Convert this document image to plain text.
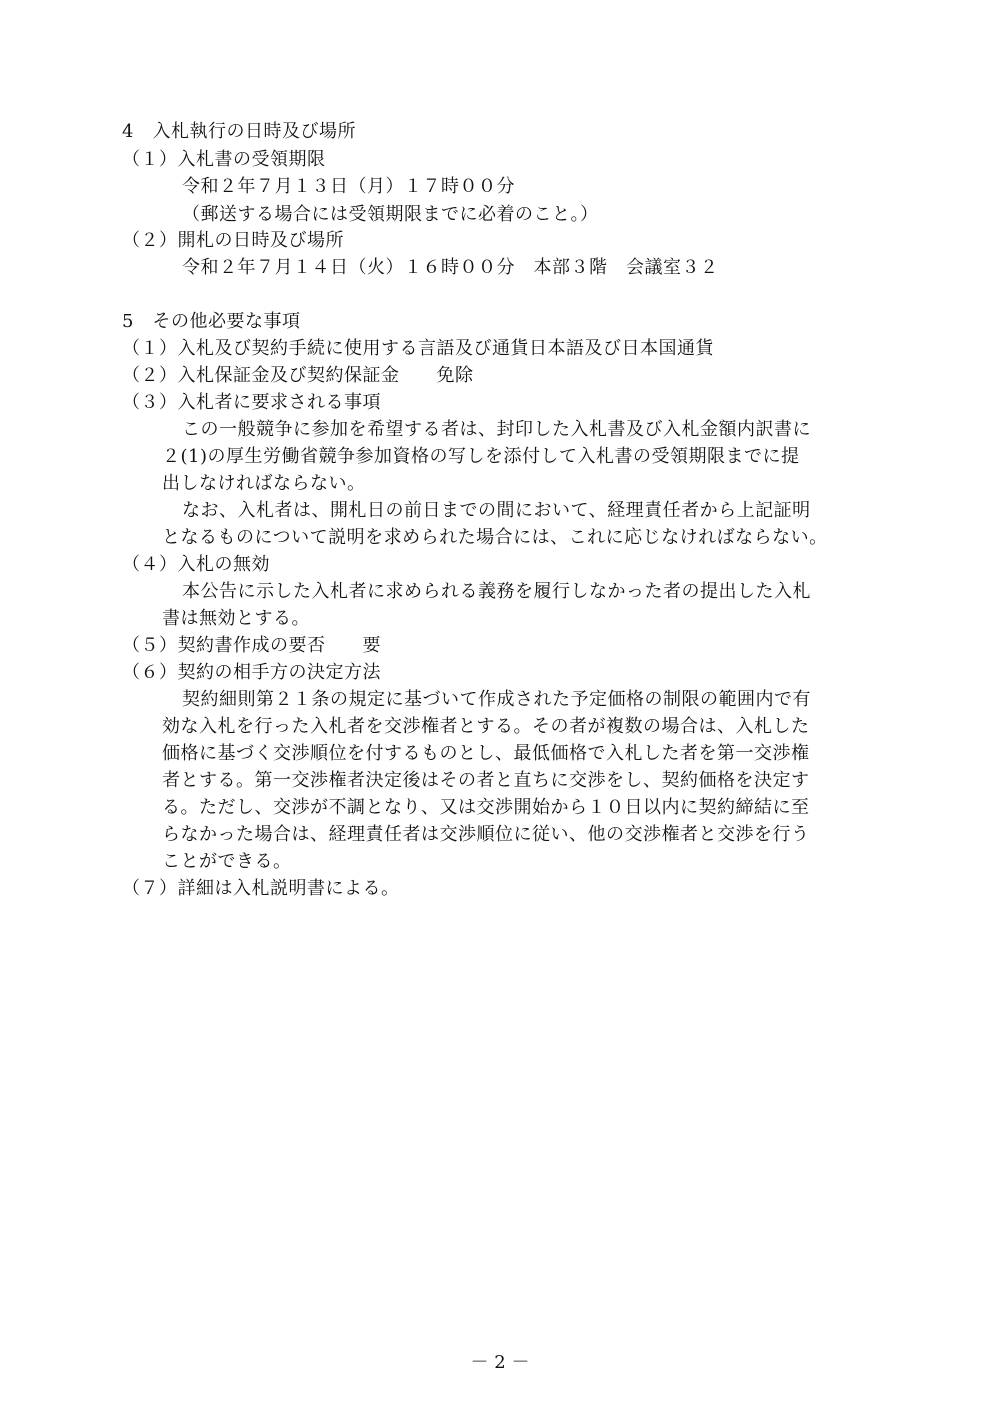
4　入札執行の日時及び場所
（１）入札書の受領期限
令和２年７月１３日（月）１７時００分
（郵送する場合には受領期限までに必着のこと。）
（２）開札の日時及び場所
令和２年７月１４日（火）１６時００分　本部３階　会議室３２
5　その他必要な事項
（１）入札及び契約手続に使用する言語及び通貨日本語及び日本国通貨
（２）入札保証金及び契約保証金　　免除
（３）入札者に要求される事項
この一般競争に参加を希望する者は、封印した入札書及び入札金額内訳書に
２(1)の厚生労働省競争参加資格の写しを添付して入札書の受領期限までに提
出しなければならない。
なお、入札者は、開札日の前日までの間において、経理責任者から上記証明
となるものについて説明を求められた場合には、これに応じなければならない。
（４）入札の無効
本公告に示した入札者に求められる義務を履行しなかった者の提出した入札
書は無効とする。
（５）契約書作成の要否　　要
（６）契約の相手方の決定方法
契約細則第２１条の規定に基づいて作成された予定価格の制限の範囲内で有
効な入札を行った入札者を交渉権者とする。その者が複数の場合は、入札した
価格に基づく交渉順位を付するものとし、最低価格で入札した者を第一交渉権
者とする。第一交渉権者決定後はその者と直ちに交渉をし、契約価格を決定す
る。ただし、交渉が不調となり、又は交渉開始から１０日以内に契約締結に至
らなかった場合は、経理責任者は交渉順位に従い、他の交渉権者と交渉を行う
ことができる。
（７）詳細は入札説明書による。
－ 2 －
